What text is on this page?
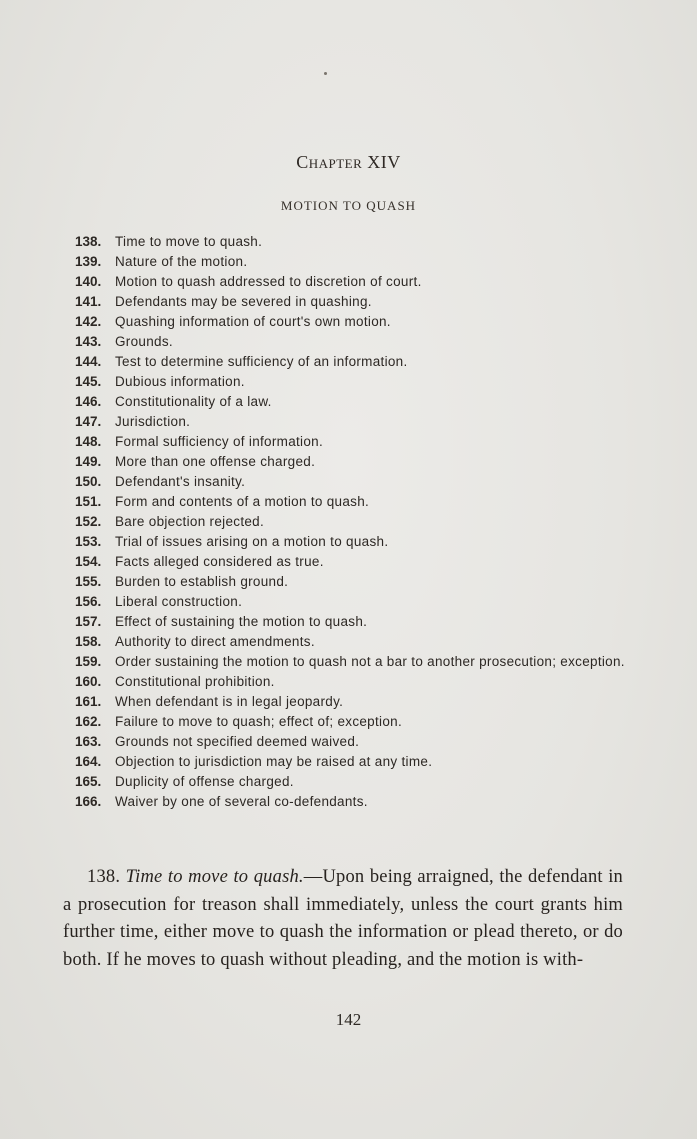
Chapter XIV
MOTION TO QUASH
138.	Time to move to quash.
139.	Nature of the motion.
140.	Motion to quash addressed to discretion of court.
141.	Defendants may be severed in quashing.
142.	Quashing information of court's own motion.
143.	Grounds.
144.	Test to determine sufficiency of an information.
145.	Dubious information.
146.	Constitutionality of a law.
147.	Jurisdiction.
148.	Formal sufficiency of information.
149.	More than one offense charged.
150.	Defendant's insanity.
151.	Form and contents of a motion to quash.
152.	Bare objection rejected.
153.	Trial of issues arising on a motion to quash.
154.	Facts alleged considered as true.
155.	Burden to establish ground.
156.	Liberal construction.
157.	Effect of sustaining the motion to quash.
158.	Authority to direct amendments.
159.	Order sustaining the motion to quash not a bar to another prosecution; exception.
160.	Constitutional prohibition.
161.	When defendant is in legal jeopardy.
162.	Failure to move to quash; effect of; exception.
163.	Grounds not specified deemed waived.
164.	Objection to jurisdiction may be raised at any time.
165.	Duplicity of offense charged.
166.	Waiver by one of several co-defendants.
138. Time to move to quash.—Upon being arraigned, the defendant in a prosecution for treason shall immediately, unless the court grants him further time, either move to quash the information or plead thereto, or do both. If he moves to quash without pleading, and the motion is with-
142
